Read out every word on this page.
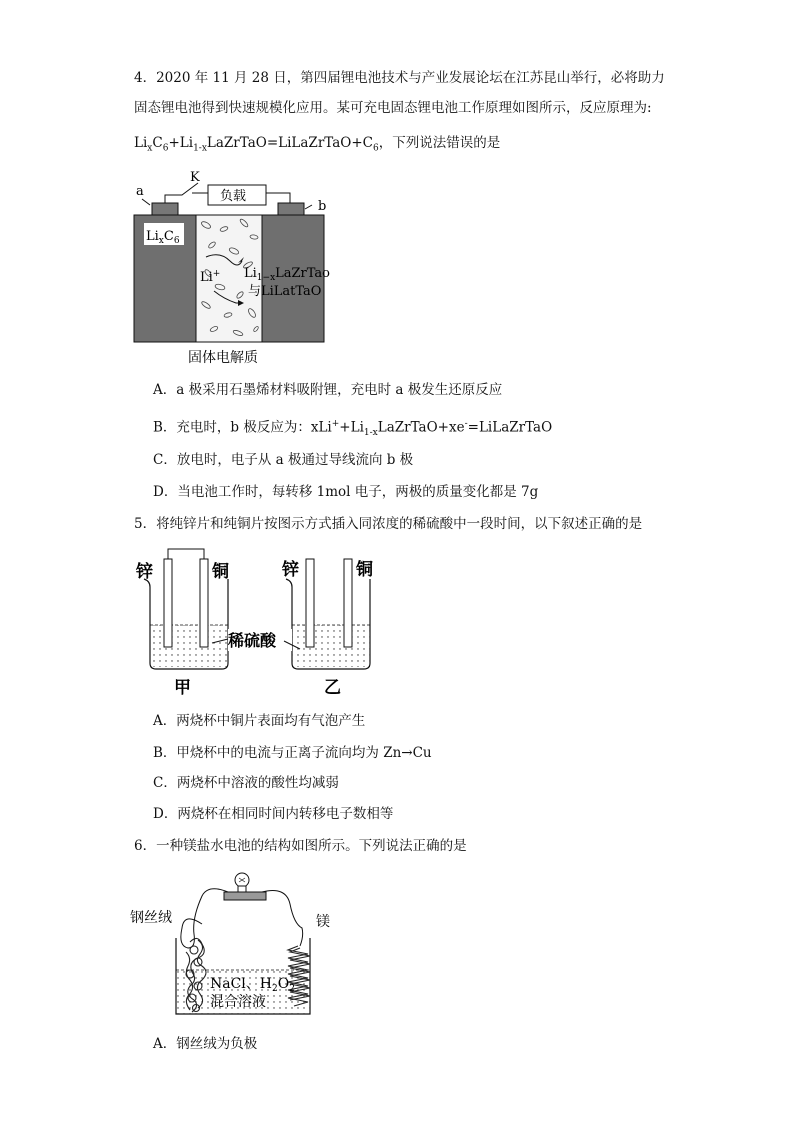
4．2020 年 11 月 28 日，第四届锂电池技术与产业发展论坛在江苏昆山举行，必将助力
固态锂电池得到快速规模化应用。某可充电固态锂电池工作原理如图所示，反应原理为:
$Li_xC_6+Li_{1-x}LaZrTaO=LiLaZrTaO+C_6$，下列说法错误的是
a
K
b
负载
$Li_xC_6$
Li+ $Li_{1-x}LaZrTao$
与LiLatTaO
固体电解质
A．a 极采用石墨烯材料吸附锂，充电时 a 极发生还原反应
B．充电时，b 极反应为：$xLi^++Li_{1-x}LaZrTaO+xe^-=LiLaZrTaO$
C．放电时，电子从 a 极通过导线流向 b 极
D．当电池工作时，每转移 1mol 电子，两极的质量变化都是 7g
5．将纯锌片和纯铜片按图示方式插入同浓度的稀硫酸中一段时间，以下叙述正确的是
锌	铜
甲
锌	铜
乙
稀硫酸
A．两烧杯中铜片表面均有气泡产生
B．甲烧杯中的电流与正离子流向均为 Zn→Cu
C．两烧杯中溶液的酸性均减弱
D．两烧杯在相同时间内转移电子数相等
6．一种镁盐水电池的结构如图所示。下列说法正确的是
钢丝绒	镁
NaCl、$H_2O_2$
混合溶液
A．钢丝绒为负极
